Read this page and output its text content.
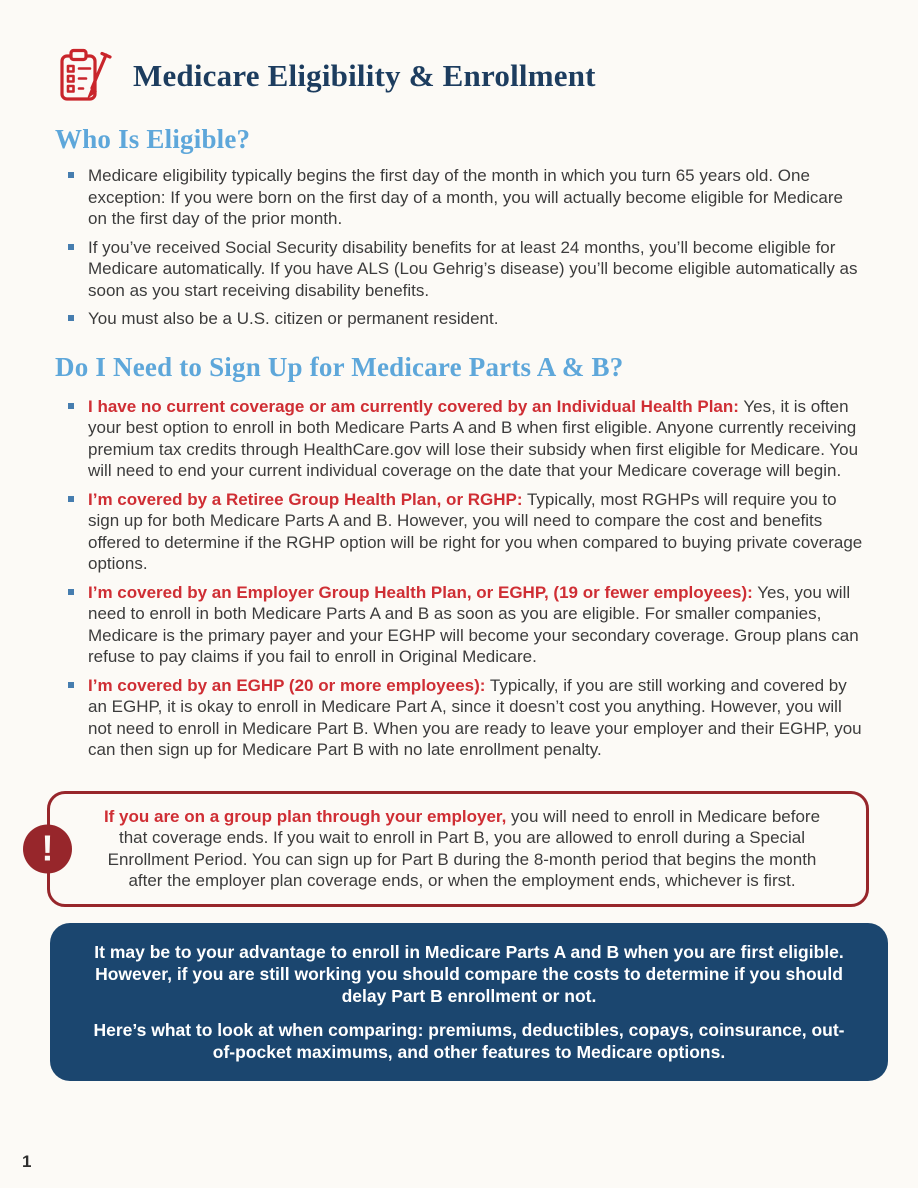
Medicare Eligibility & Enrollment
Who Is Eligible?
Medicare eligibility typically begins the first day of the month in which you turn 65 years old. One exception: If you were born on the first day of a month, you will actually become eligible for Medicare on the first day of the prior month.
If you’ve received Social Security disability benefits for at least 24 months, you’ll become eligible for Medicare automatically. If you have ALS (Lou Gehrig’s disease) you’ll become eligible automatically as soon as you start receiving disability benefits.
You must also be a U.S. citizen or permanent resident.
Do I Need to Sign Up for Medicare Parts A & B?
I have no current coverage or am currently covered by an Individual Health Plan: Yes, it is often your best option to enroll in both Medicare Parts A and B when first eligible. Anyone currently receiving premium tax credits through HealthCare.gov will lose their subsidy when first eligible for Medicare. You will need to end your current individual coverage on the date that your Medicare coverage will begin.
I’m covered by a Retiree Group Health Plan, or RGHP: Typically, most RGHPs will require you to sign up for both Medicare Parts A and B. However, you will need to compare the cost and benefits offered to determine if the RGHP option will be right for you when compared to buying private coverage options.
I’m covered by an Employer Group Health Plan, or EGHP, (19 or fewer employees): Yes, you will need to enroll in both Medicare Parts A and B as soon as you are eligible. For smaller companies, Medicare is the primary payer and your EGHP will become your secondary coverage. Group plans can refuse to pay claims if you fail to enroll in Original Medicare.
I’m covered by an EGHP (20 or more employees): Typically, if you are still working and covered by an EGHP, it is okay to enroll in Medicare Part A, since it doesn’t cost you anything. However, you will not need to enroll in Medicare Part B. When you are ready to leave your employer and their EGHP, you can then sign up for Medicare Part B with no late enrollment penalty.
!

If you are on a group plan through your employer, you will need to enroll in Medicare before that coverage ends. If you wait to enroll in Part B, you are allowed to enroll during a Special Enrollment Period. You can sign up for Part B during the 8-month period that begins the month after the employer plan coverage ends, or when the employment ends, whichever is first.

It may be to your advantage to enroll in Medicare Parts A and B when you are first eligible. However, if you are still working you should compare the costs to determine if you should delay Part B enrollment or not.

Here’s what to look at when comparing: premiums, deductibles, copays, coinsurance, out-of-pocket maximums, and other features to Medicare options.

1
